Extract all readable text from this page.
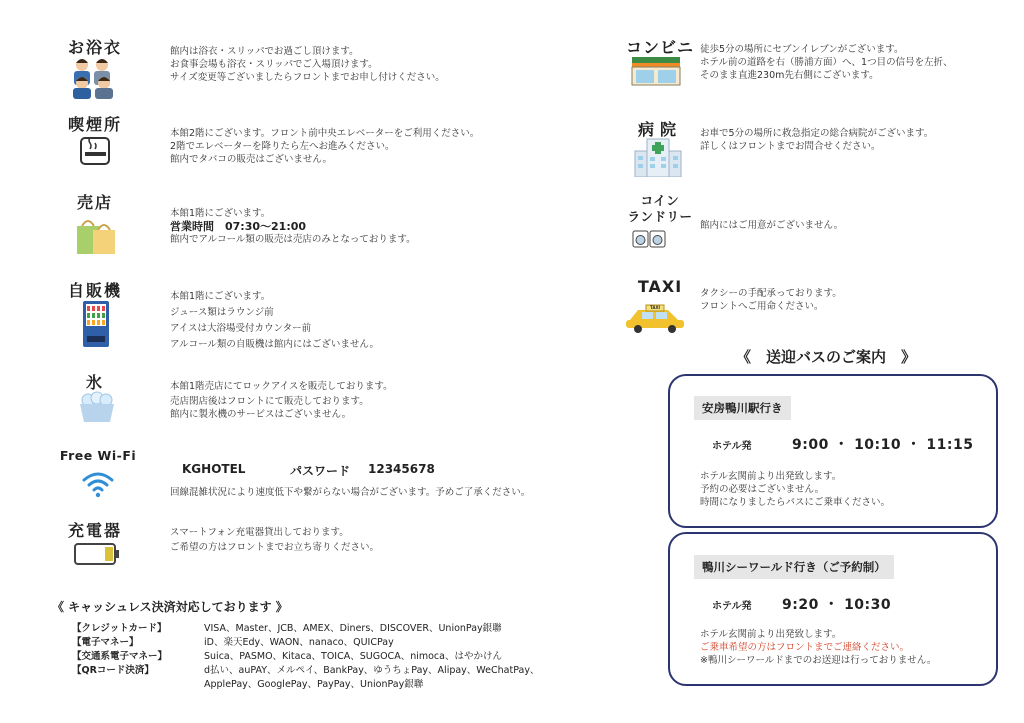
お浴衣	館内は浴衣・スリッパでお過ごし頂けます。
お食事会場も浴衣・スリッパでご入場頂けます。
サイズ変更等ございましたらフロントまでお申し付けください。
喫煙所	本館2階にございます。フロント前中央エレベーターをご利用ください。
2階でエレベーターを降りたら左へお進みください。
館内でタバコの販売はございません。
売店
本館1階にございます。
営業時間　07:30〜21:00
館内でアルコール類の販売は売店のみとなっております。
自販機	本館1階にございます。
ジュース類はラウンジ前
アイスは大浴場受付カウンター前
アルコール類の自販機は館内にはございません。
氷	本館1階売店にてロックアイスを販売しております。
売店閉店後はフロントにて販売しております。
館内に製氷機のサービスはございません。
Free Wi-Fi
KGHOTEL	パスワード 12345678
回線混雑状況により速度低下や繋がらない場合がございます。予めご了承ください。
充電器	スマートフォン充電器貸出しております。
ご希望の方はフロントまでお立ち寄りください。
《 キャッシュレス決済対応しております 》
【クレジットカード】	VISA、Master、JCB、AMEX、Diners、DISCOVER、UnionPay銀聯
【電子マネー】	iD、楽天Edy、WAON、nanaco、QUICPay
【交通系電子マネー】	Suica、PASMO、Kitaca、TOICA、SUGOCA、nimoca、はやかけん
【QRコード決済】	d払い、auPAY、メルペイ、BankPay、ゆうちょPay、Alipay、WeChatPay、
ApplePay、GooglePay、PayPay、UnionPay銀聯
コンビニ 徒歩5分の場所にセブンイレブンがございます。
ホテル前の道路を右（勝浦方面）へ、1つ目の信号を左折、
そのまま直進230m先右側にございます。
病院	お車で5分の場所に救急指定の総合病院がございます。
詳しくはフロントまでお問合せください。
コイン
ランドリー
館内にはご用意がございません。
TAXI
TAXI
タクシーの手配承っております。
フロントへご用命ください。
《　送迎バスのご案内　》
安房鴨川駅行き
ホテル発	9:00 ・ 10:10 ・ 11:15
ホテル玄関前より出発致します。
予約の必要はございません。
時間になりましたらバスにご乗車ください。
鴨川シーワールド行き（ご予約制）
ホテル発 9:20 ・ 10:30
ホテル玄関前より出発致します。
ご乗車希望の方はフロントまでご連絡ください。
※鴨川シーワールドまでのお送迎は行っておりません。
